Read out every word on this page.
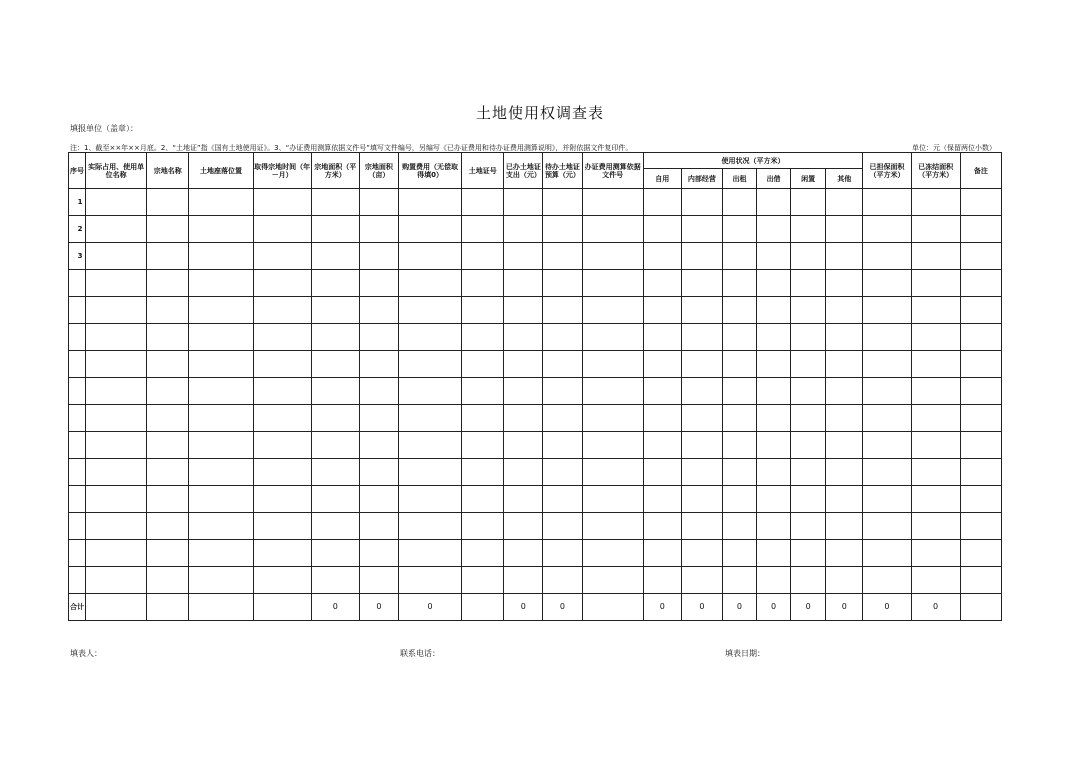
土地使用权调查表
填报单位（盖章）：
注：1、截至××年××月底。2、“土地证”指《国有土地使用证》。3、“办证费用测算依据文件号”填写文件编号，另编写《已办证费用和待办证费用测算说明》，并附依据文件复印件。	单位：元（保留两位小数）
序号	实际占用、使用单位名称	宗地名称	土地座落位置	取得宗地时间（年－月）	宗地面积（平方米）	宗地面积（亩）	购置费用（无偿取得填0）	土地证号	已办土地证支出（元）	待办土地证预算（元）	办证费用测算依据文件号	使用状况（平方米）						已担保面积（平方米）	已冻结面积（平方米）	备注
												自用	内部经营	出租	出借	闲置	其他			
1																				
2																				
3																				

合计					0	0	0		0	0		0	0	0	0	0	0	0	0	
填表人：	联系电话：	填表日期：
